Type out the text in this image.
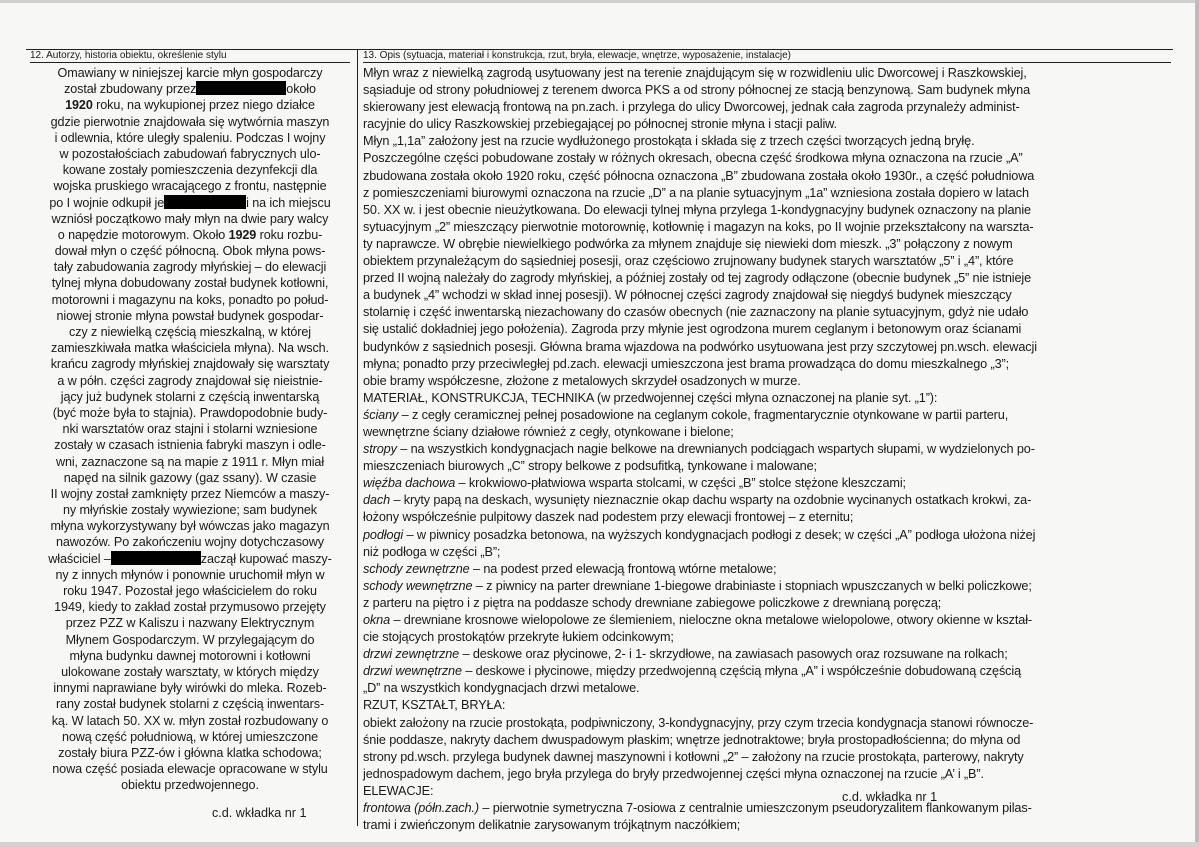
12. Autorzy, historia obiektu, określenie stylu
Omawiany w niniejszej karcie młyn gospodarczy
został zbudowany przez	około
1920 roku, na wykupionej przez niego działce
gdzie pierwotnie znajdowała się wytwórnia maszyn
i odlewnia, które uległy spaleniu. Podczas I wojny
w pozostałościach zabudowań fabrycznych ulo-
kowane zostały pomieszczenia dezynfekcji dla
wojska pruskiego wracającego z frontu, następnie
po I wojnie odkupił je	i na ich miejscu
wzniósł początkowo mały młyn na dwie pary walcy
o napędzie motorowym. Około 1929 roku rozbu-
dował młyn o część północną. Obok młyna pows-
tały zabudowania zagrody młyńskiej – do elewacji
tylnej młyna dobudowany został budynek kotłowni,
motorowni i magazynu na koks, ponadto po połud-
niowej stronie młyna powstał budynek gospodar-
czy z niewielką częścią mieszkalną, w której
zamieszkiwała matka właściciela młyna). Na wsch.
krańcu zagrody młyńskiej znajdowały się warsztaty
a w półn. części zagrody znajdował się nieistnie-
jący już budynek stolarni z częścią inwentarską
(być może była to stajnia). Prawdopodobnie budy-
nki warsztatów oraz stajni i stolarni wzniesione
zostały w czasach istnienia fabryki maszyn i odle-
wni, zaznaczone są na mapie z 1911 r. Młyn miał
napęd na silnik gazowy (gaz ssany). W czasie
II wojny został zamknięty przez Niemców a maszy-
ny młyńskie zostały wywiezione; sam budynek
młyna wykorzystywany był wówczas jako magazyn
nawozów. Po zakończeniu wojny dotychczasowy
właściciel –	zaczął kupować maszy-
ny z innych młynów i ponownie uruchomił młyn w
roku 1947. Pozostał jego właścicielem do roku
1949, kiedy to zakład został przymusowo przejęty
przez PZZ w Kaliszu i nazwany Elektrycznym
Młynem Gospodarczym. W przylegającym do
młyna budynku dawnej motorowni i kotłowni
ulokowane zostały warsztaty, w których między
innymi naprawiane były wirówki do mleka. Rozeb-
rany został budynek stolarni z częścią inwentars-
ką. W latach 50. XX w. młyn został rozbudowany o
nową część południową, w której umieszczone
zostały biura PZZ-ów i główna klatka schodowa;
nowa część posiada elewacje opracowane w stylu
obiektu przedwojennego.
c.d. wkładka nr 1
13. Opis (sytuacja, materiał i konstrukcja, rzut, bryła, elewacje, wnętrze, wyposażenie, instalacje)
Młyn wraz z niewielką zagrodą usytuowany jest na terenie znajdującym się w rozwidleniu ulic Dworcowej i Raszkowskiej,
sąsiaduje od strony południowej z terenem dworca PKS a od strony północnej ze stacją benzynową. Sam budynek młyna
skierowany jest elewacją frontową na pn.zach. i przylega do ulicy Dworcowej, jednak cała zagroda przynależy administ-
racyjnie do ulicy Raszkowskiej przebiegającej po północnej stronie młyna i stacji paliw.
Młyn „1,1a” założony jest na rzucie wydłużonego prostokąta i składa się z trzech części tworzących jedną bryłę.
Poszczególne części pobudowane zostały w różnych okresach, obecna część środkowa młyna oznaczona na rzucie „A”
zbudowana została około 1920 roku, część północna oznaczona „B” zbudowana została około 1930r., a część południowa
z pomieszczeniami biurowymi oznaczona na rzucie „D” a na planie sytuacyjnym „1a” wzniesiona została dopiero w latach
50. XX w. i jest obecnie nieużytkowana. Do elewacji tylnej młyna przylega 1-kondygnacyjny budynek oznaczony na planie
sytuacyjnym „2” mieszczący pierwotnie motorownię, kotłownię i magazyn na koks, po II wojnie przekształcony na warszta-
ty naprawcze. W obrębie niewielkiego podwórka za młynem znajduje się niewieki dom mieszk. „3” połączony z nowym
obiektem przynależącym do sąsiedniej posesji, oraz częściowo zrujnowany budynek starych warsztatów „5” i „4”, które
przed II wojną należały do zagrody młyńskiej, a później zostały od tej zagrody odłączone (obecnie budynek „5” nie istnieje
a budynek „4” wchodzi w skład innej posesji). W północnej części zagrody znajdował się niegdyś budynek mieszczący
stolarnię i część inwentarską niezachowany do czasów obecnych (nie zaznaczony na planie sytuacyjnym, gdyż nie udało
się ustalić dokładniej jego położenia). Zagroda przy młynie jest ogrodzona murem ceglanym i betonowym oraz ścianami
budynków z sąsiednich posesji. Główna brama wjazdowa na podwórko usytuowana jest przy szczytowej pn.wsch. elewacji
młyna; ponadto przy przeciwległej pd.zach. elewacji umieszczona jest brama prowadząca do domu mieszkalnego „3”;
obie bramy współczesne, złożone z metalowych skrzydeł osadzonych w murze.
MATERIAŁ, KONSTRUKCJA, TECHNIKA (w przedwojennej części młyna oznaczonej na planie syt. „1”):
ściany – z cegły ceramicznej pełnej posadowione na ceglanym cokole, fragmentarycznie otynkowane w partii parteru,
wewnętrzne ściany działowe również z cegły, otynkowane i bielone;
stropy – na wszystkich kondygnacjach nagie belkowe na drewnianych podciągach wspartych słupami, w wydzielonych po-
mieszczeniach biurowych „C” stropy belkowe z podsufitką, tynkowane i malowane;
więźba dachowa – krokwiowo-płatwiowa wsparta stolcami, w części „B” stolce stężone kleszczami;
dach – kryty papą na deskach, wysunięty nieznacznie okap dachu wsparty na ozdobnie wycinanych ostatkach krokwi, za-
łożony współcześnie pulpitowy daszek nad podestem przy elewacji frontowej – z eternitu;
podłogi – w piwnicy posadzka betonowa, na wyższych kondygnacjach podłogi z desek; w części „A” podłoga ułożona niżej
niż podłoga w części „B”;
schody zewnętrzne – na podest przed elewacją frontową wtórne metalowe;
schody wewnętrzne – z piwnicy na parter drewniane 1-biegowe drabiniaste i stopniach wpuszczanych w belki policzkowe;
z parteru na piętro i z piętra na poddasze schody drewniane zabiegowe policzkowe z drewnianą poręczą;
okna – drewniane krosnowe wielopolowe ze ślemieniem, nieloczne okna metalowe wielopolowe, otwory okienne w kształ-
cie stojących prostokątów przekryte łukiem odcinkowym;
drzwi zewnętrzne – deskowe oraz płycinowe, 2- i 1- skrzydłowe, na zawiasach pasowych oraz rozsuwane na rolkach;
drzwi wewnętrzne – deskowe i płycinowe, między przedwojenną częścią młyna „A” i współcześnie dobudowaną częścią
„D” na wszystkich kondygnacjach drzwi metalowe.
RZUT, KSZTAŁT, BRYŁA:
obiekt założony na rzucie prostokąta, podpiwniczony, 3-kondygnacyjny, przy czym trzecia kondygnacja stanowi równocze-
śnie poddasze, nakryty dachem dwuspadowym płaskim; wnętrze jednotraktowe; bryła prostopadłościenna; do młyna od
strony pd.wsch. przylega budynek dawnej maszynowni i kotłowni „2” – założony na rzucie prostokąta, parterowy, nakryty
jednospadowym dachem, jego bryła przylega do bryły przedwojennej części młyna oznaczonej na rzucie „A’ i „B”.
ELEWACJE:
frontowa (półn.zach.) – pierwotnie symetryczna 7-osiowa z centralnie umieszczonym pseudoryzalitem flankowanym pilas-
trami i zwieńczonym delikatnie zarysowanym trójkątnym naczółkiem;
c.d. wkładka nr 1
